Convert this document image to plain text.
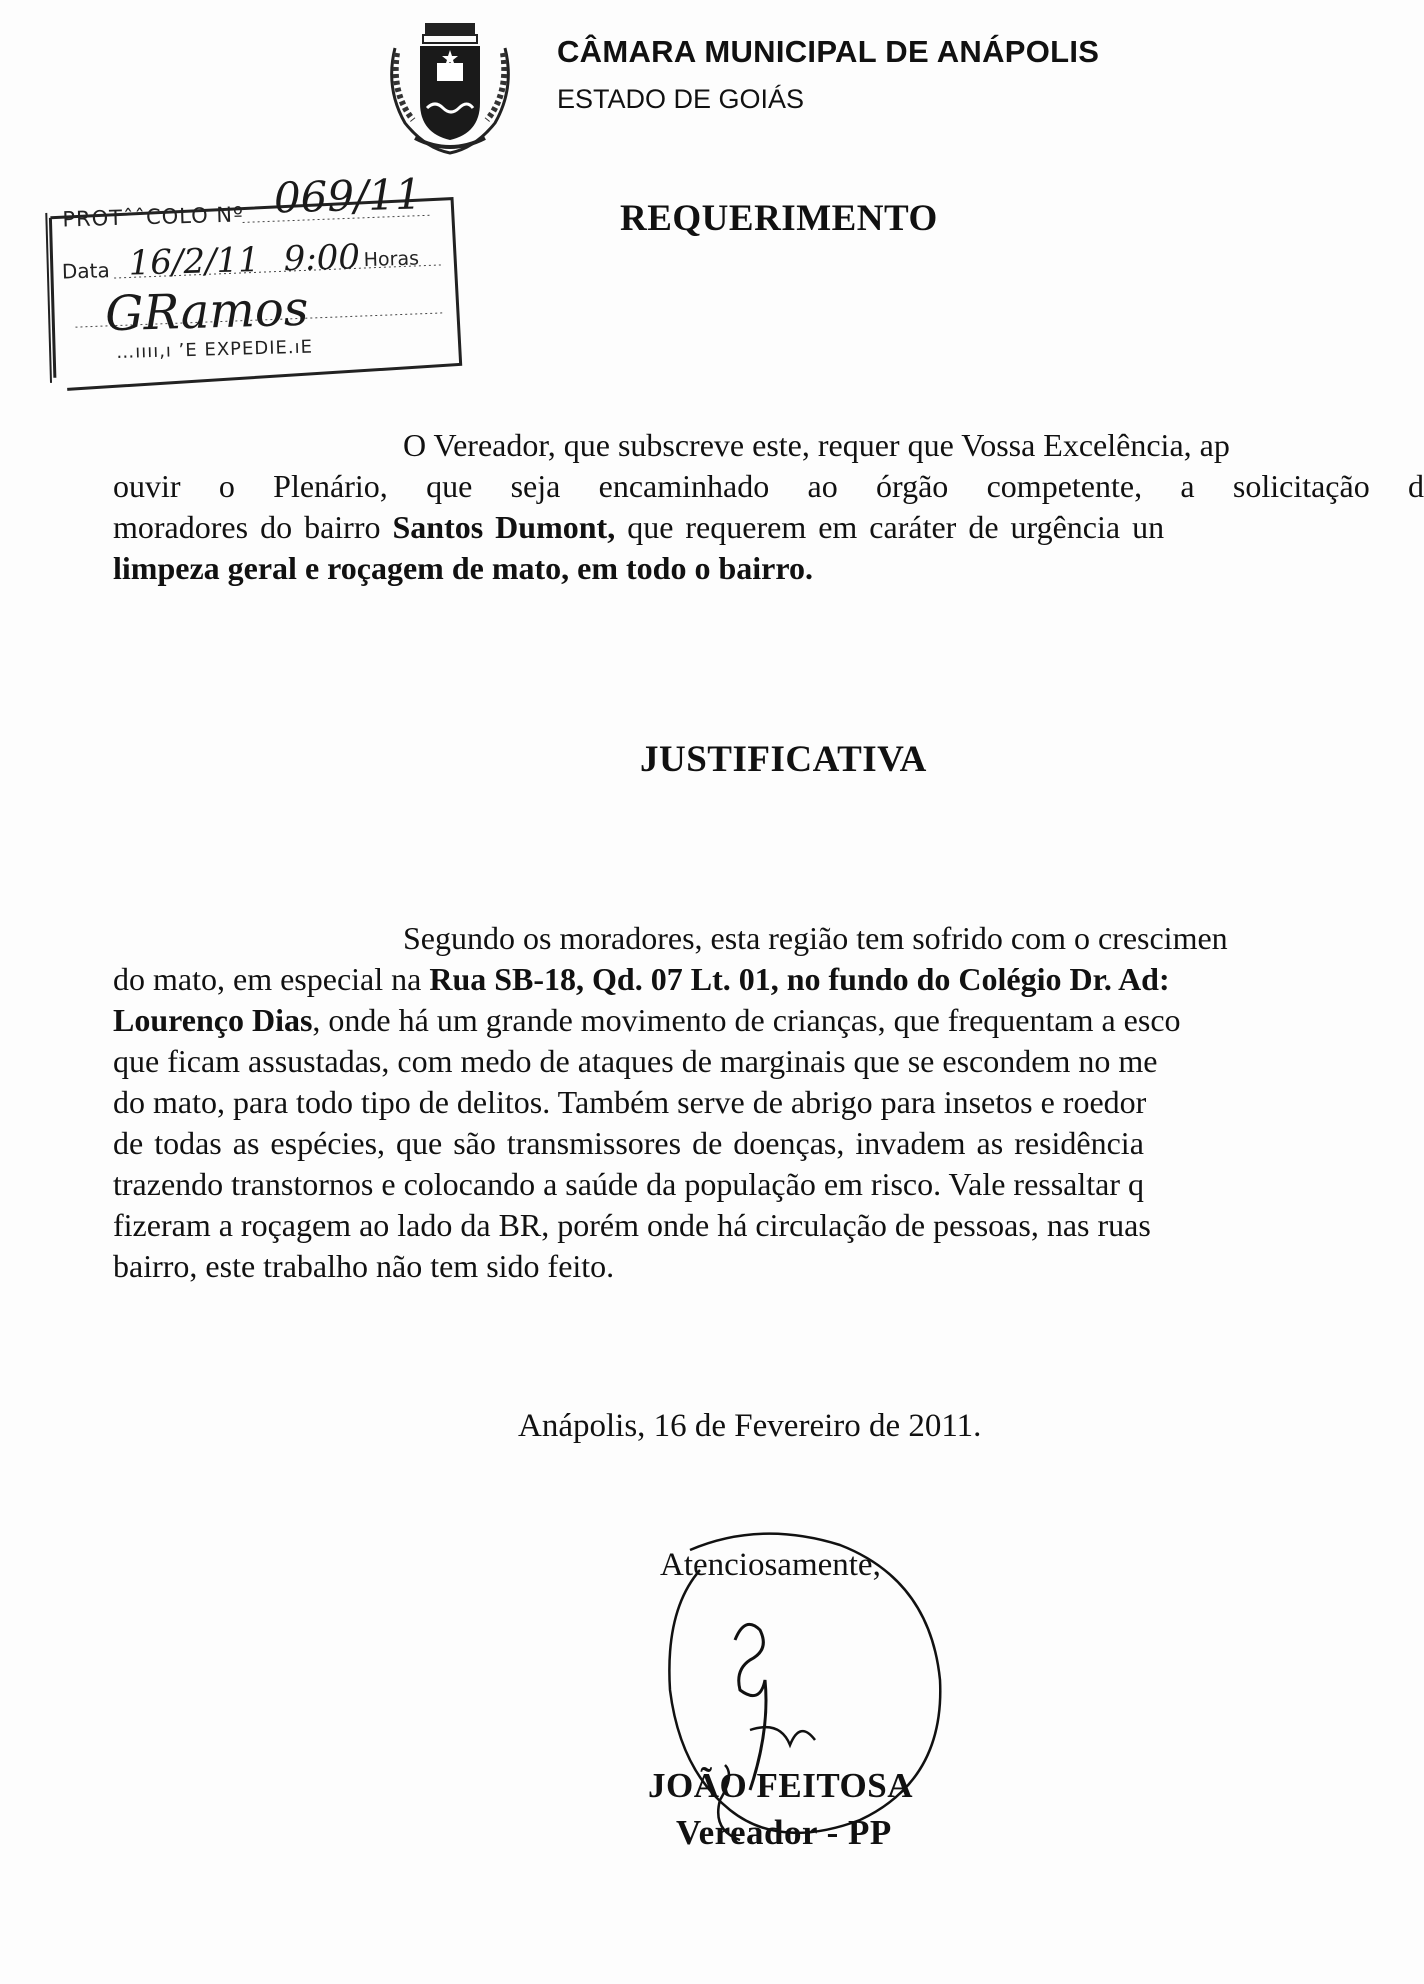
CÂMARA MUNICIPAL DE ANÁPOLIS
ESTADO DE GOIÁS
PROTˆˆCOLO Nº 069/11
Data 16/2/11 9:00 Horas
GRamos
…ıııı,ı ’E EXPEDIE.ıE
REQUERIMENTO
O Vereador, que subscreve este, requer que Vossa Excelência, ap
ouvir o Plenário, que seja encaminhado ao órgão competente, a solicitação d
moradores do bairro Santos Dumont, que requerem em caráter de urgência un
limpeza geral e roçagem de mato, em todo o bairro.
JUSTIFICATIVA
Segundo os moradores, esta região tem sofrido com o crescimen
do mato, em especial na Rua SB-18, Qd. 07 Lt. 01, no fundo do Colégio Dr. Ad:
Lourenço Dias, onde há um grande movimento de crianças, que frequentam a esco
que ficam assustadas, com medo de ataques de marginais que se escondem no me
do mato, para todo tipo de delitos. Também serve de abrigo para insetos e roedor
de todas as espécies, que são transmissores de doenças, invadem as residência
trazendo transtornos e colocando a saúde da população em risco. Vale ressaltar q
fizeram a roçagem ao lado da BR, porém onde há circulação de pessoas, nas ruas
bairro, este trabalho não tem sido feito.
Anápolis, 16 de Fevereiro de 2011.
Atenciosamente,
JOÃO FEITOSA
Vereador - PP
